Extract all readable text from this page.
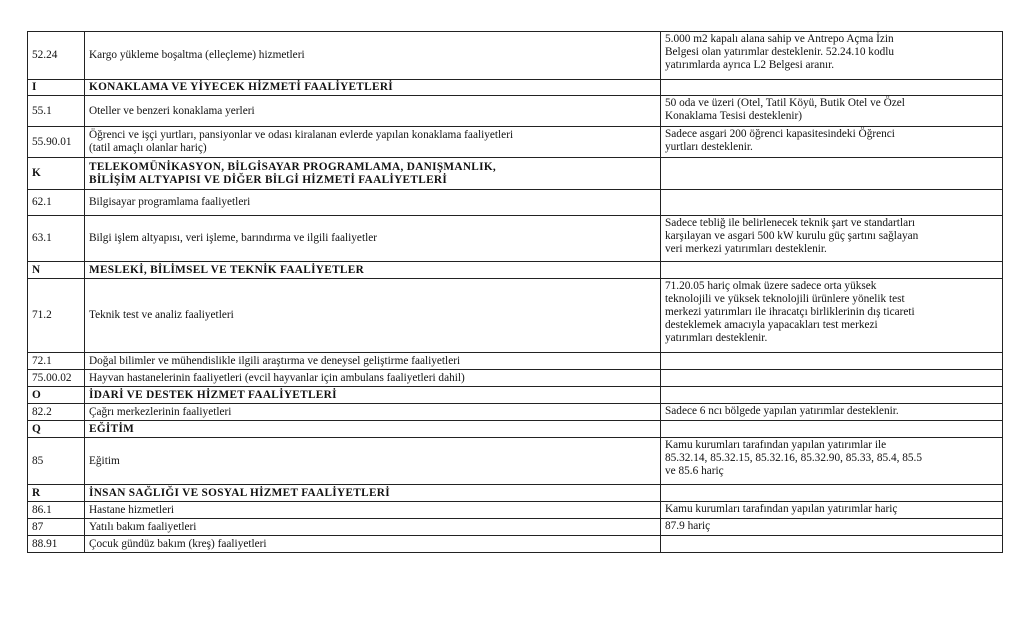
52.24	Kargo yükleme boşaltma (elleçleme) hizmetleri	5.000 m2 kapalı alana sahip ve Antrepo Açma İzin
Belgesi olan yatırımlar desteklenir. 52.24.10 kodlu
yatırımlarda ayrıca L2 Belgesi aranır.

I	KONAKLAMA VE YİYECEK HİZMETİ FAALİYETLERİ	

55.1	Oteller ve benzeri konaklama yerleri	50 oda ve üzeri (Otel, Tatil Köyü, Butik Otel ve Özel
Konaklama Tesisi desteklenir)

55.90.01	Öğrenci ve işçi yurtları, pansiyonlar ve odası kiralanan evlerde yapılan konaklama faaliyetleri
(tatil amaçlı olanlar hariç)	Sadece asgari 200 öğrenci kapasitesindeki Öğrenci
yurtları desteklenir.

K	TELEKOMÜNİKASYON, BİLGİSAYAR PROGRAMLAMA, DANIŞMANLIK,
BİLİŞİM ALTYAPISI VE DİĞER BİLGİ HİZMETİ FAALİYETLERİ	

62.1	Bilgisayar programlama faaliyetleri	

63.1	Bilgi işlem altyapısı, veri işleme, barındırma ve ilgili faaliyetler	Sadece tebliğ ile belirlenecek teknik şart ve standartları
karşılayan ve asgari 500 kW kurulu güç şartını sağlayan
veri merkezi yatırımları desteklenir.

N	MESLEKİ, BİLİMSEL VE TEKNİK FAALİYETLER	

71.2	Teknik test ve analiz faaliyetleri	71.20.05 hariç olmak üzere sadece orta yüksek
teknolojili ve yüksek teknolojili ürünlere yönelik test
merkezi yatırımları ile ihracatçı birliklerinin dış ticareti
desteklemek amacıyla yapacakları test merkezi
yatırımları desteklenir.

72.1	Doğal bilimler ve mühendislikle ilgili araştırma ve deneysel geliştirme faaliyetleri	

75.00.02	Hayvan hastanelerinin faaliyetleri (evcil hayvanlar için ambulans faaliyetleri dahil)	

O	İDARİ VE DESTEK HİZMET FAALİYETLERİ	

82.2	Çağrı merkezlerinin faaliyetleri	Sadece 6 ncı bölgede yapılan yatırımlar desteklenir.

Q	EĞİTİM	

85	Eğitim	Kamu kurumları tarafından yapılan yatırımlar ile
85.32.14, 85.32.15, 85.32.16, 85.32.90, 85.33, 85.4, 85.5
ve 85.6 hariç

R	İNSAN SAĞLIĞI VE SOSYAL HİZMET FAALİYETLERİ	

86.1	Hastane hizmetleri	Kamu kurumları tarafından yapılan yatırımlar hariç

87	Yatılı bakım faaliyetleri	87.9 hariç

88.91	Çocuk gündüz bakım (kreş) faaliyetleri	
